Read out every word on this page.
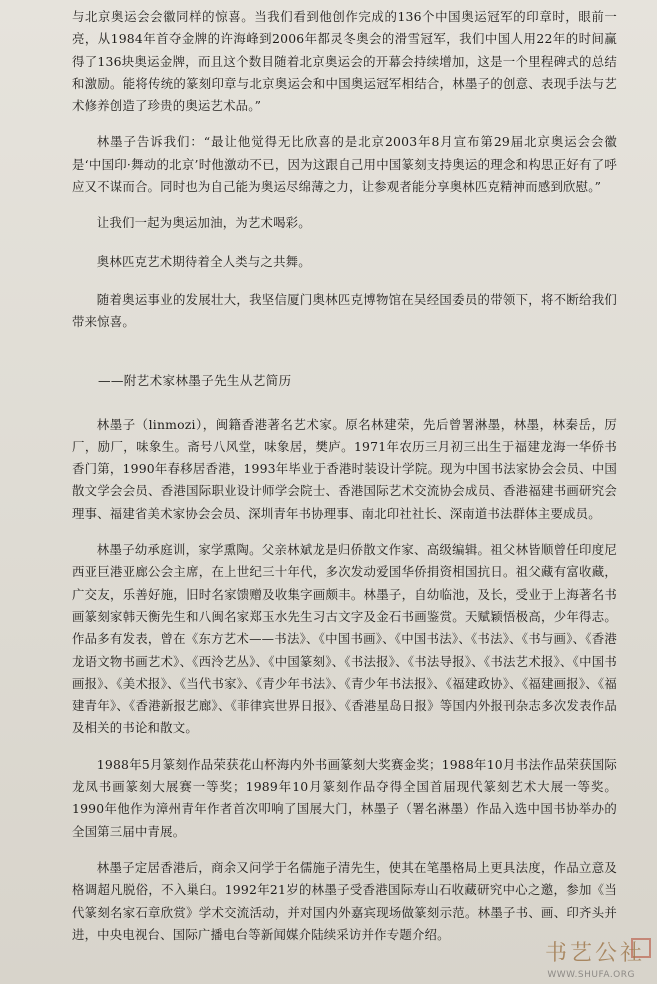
与北京奥运会会徽同样的惊喜。当我们看到他创作完成的136个中国奥运冠军的印章时，眼前一亮，从1984年首夺金牌的许海峰到2006年都灵冬奥会的滑雪冠军，我们中国人用22年的时间赢得了136块奥运金牌，而且这个数目随着北京奥运会的开幕会持续增加，这是一个里程碑式的总结和激励。能将传统的篆刻印章与北京奥运会和中国奥运冠军相结合，林墨子的创意、表现手法与艺术修养创造了珍贵的奥运艺术品。”

林墨子告诉我们：“最让他觉得无比欣喜的是北京2003年8月宣布第29届北京奥运会会徽是‘中国印·舞动的北京’时他激动不已，因为这跟自己用中国篆刻支持奥运的理念和构思正好有了呼应又不谋而合。同时也为自己能为奥运尽绵薄之力，让参观者能分享奥林匹克精神而感到欣慰。”

让我们一起为奥运加油，为艺术喝彩。

奥林匹克艺术期待着全人类与之共舞。

随着奥运事业的发展壮大，我坚信厦门奥林匹克博物馆在吴经国委员的带领下，将不断给我们带来惊喜。

——附艺术家林墨子先生从艺简历

林墨子（linmozi），闽籍香港著名艺术家。原名林建荣，先后曾署淋墨，林墨，林秦岳，厉厂，励厂，味象生。斋号八风堂，味象居，樊庐。1971年农历三月初三出生于福建龙海一华侨书香门第，1990年春移居香港，1993年毕业于香港时装设计学院。现为中国书法家协会会员、中国散文学会会员、香港国际职业设计师学会院士、香港国际艺术交流协会成员、香港福建书画研究会理事、福建省美术家协会会员、深圳青年书协理事、南北印社社长、深南道书法群体主要成员。

林墨子幼承庭训，家学熏陶。父亲林斌龙是归侨散文作家、高级编辑。祖父林皆顺曾任印度尼西亚巨港亚廊公会主席，在上世纪三十年代，多次发动爱国华侨捐资相国抗日。祖父藏有富收藏，广交友，乐善好施，旧时名家馈赠及收集字画颇丰。林墨子，自幼临池，及长，受业于上海著名书画篆刻家韩天衡先生和八闽名家郑玉水先生习古文字及金石书画鉴赏。天赋颖悟极高，少年得志。作品多有发表，曾在《东方艺术——书法》、《中国书画》、《中国书法》、《书法》、《书与画》、《香港龙语文物书画艺术》、《西泠艺丛》、《中国篆刻》、《书法报》、《书法导报》、《书法艺术报》、《中国书画报》、《美术报》、《当代书家》、《青少年书法》、《青少年书法报》、《福建政协》、《福建画报》、《福建青年》、《香港新报艺廊》、《菲律宾世界日报》、《香港星岛日报》等国内外报刊杂志多次发表作品及相关的书论和散文。

1988年5月篆刻作品荣获花山杯海内外书画篆刻大奖赛金奖；1988年10月书法作品荣获国际龙凤书画篆刻大展赛一等奖；1989年10月篆刻作品夺得全国首届现代篆刻艺术大展一等奖。1990年他作为漳州青年作者首次叩响了国展大门，林墨子（署名淋墨）作品入选中国书协举办的全国第三届中青展。

林墨子定居香港后，商余又问学于名儒施子清先生，使其在笔墨格局上更具法度，作品立意及格调超凡脱俗，不入巢臼。1992年21岁的林墨子受香港国际寿山石收藏研究中心之邀，参加《当代篆刻名家石章欣赏》学术交流活动，并对国内外嘉宾现场做篆刻示范。林墨子书、画、印齐头并进，中央电视台、国际广播电台等新闻媒介陆续采访并作专题介绍。

书艺公社
WWW.SHUFA.ORG
